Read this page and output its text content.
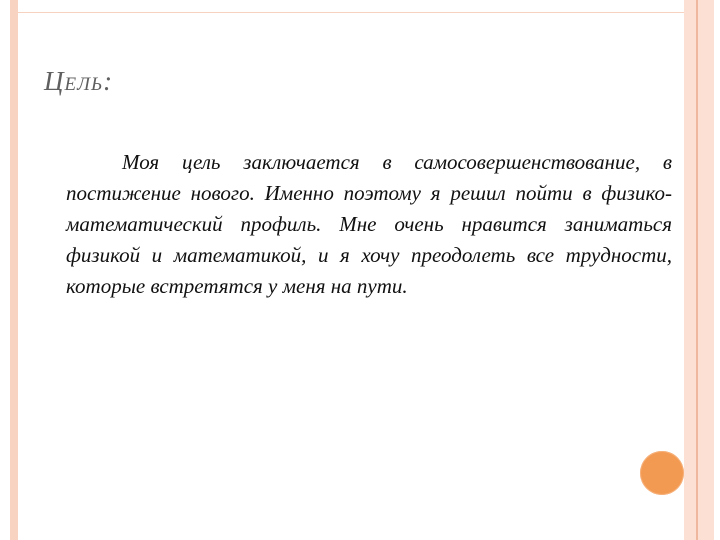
Цель:
Моя цель заключается в самосовершенствование, в постижение нового. Именно поэтому я решил пойти в физико-математический профиль. Мне очень нравится заниматься физикой и математикой, и я хочу преодолеть все трудности, которые встретятся у меня на пути.
